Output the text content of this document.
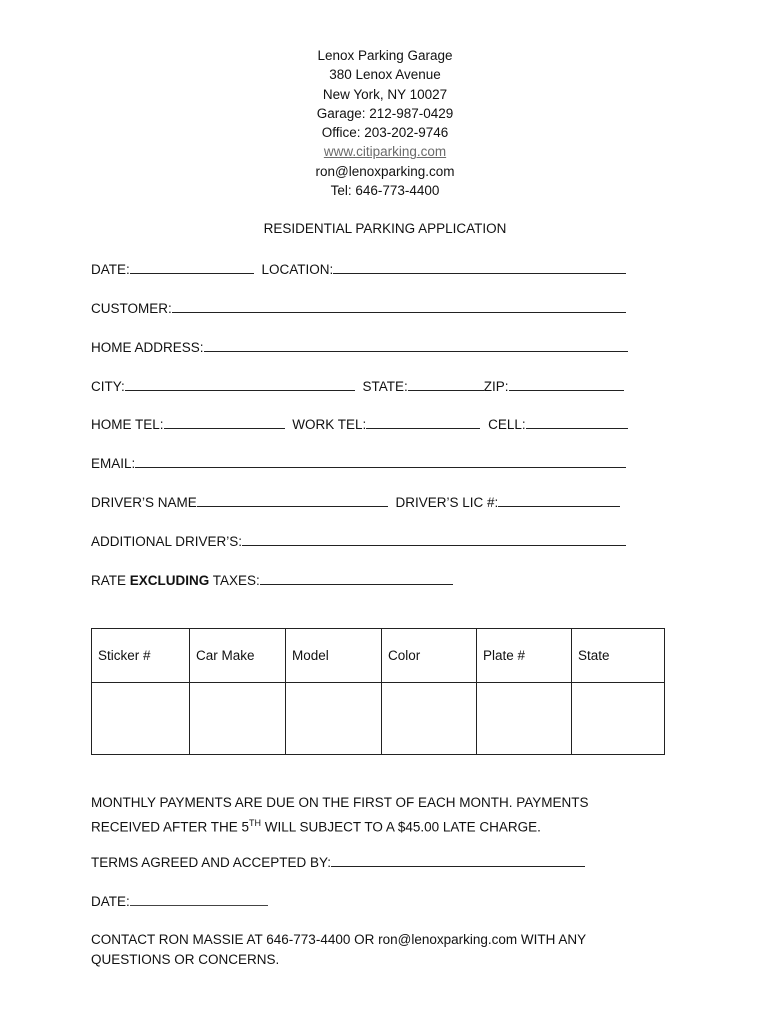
Lenox Parking Garage
380 Lenox Avenue
New York, NY 10027
Garage: 212-987-0429
Office: 203-202-9746
www.citiparking.com
ron@lenoxparking.com
Tel: 646-773-4400
RESIDENTIAL PARKING APPLICATION
DATE:	LOCATION:
CUSTOMER:
HOME ADDRESS:
CITY:	STATE:	ZIP:
HOME TEL:	WORK TEL:	CELL:
EMAIL:
DRIVER’S NAME	DRIVER’S LIC #:
ADDITIONAL DRIVER’S:
RATE EXCLUDING TAXES:
Sticker #	Car Make	Model	Color	Plate #	State

MONTHLY PAYMENTS ARE DUE ON THE FIRST OF EACH MONTH. PAYMENTS
RECEIVED AFTER THE 5TH WILL SUBJECT TO A $45.00 LATE CHARGE.
TERMS AGREED AND ACCEPTED BY:
DATE:
CONTACT RON MASSIE AT 646-773-4400 OR ron@lenoxparking.com WITH ANY
QUESTIONS OR CONCERNS.
